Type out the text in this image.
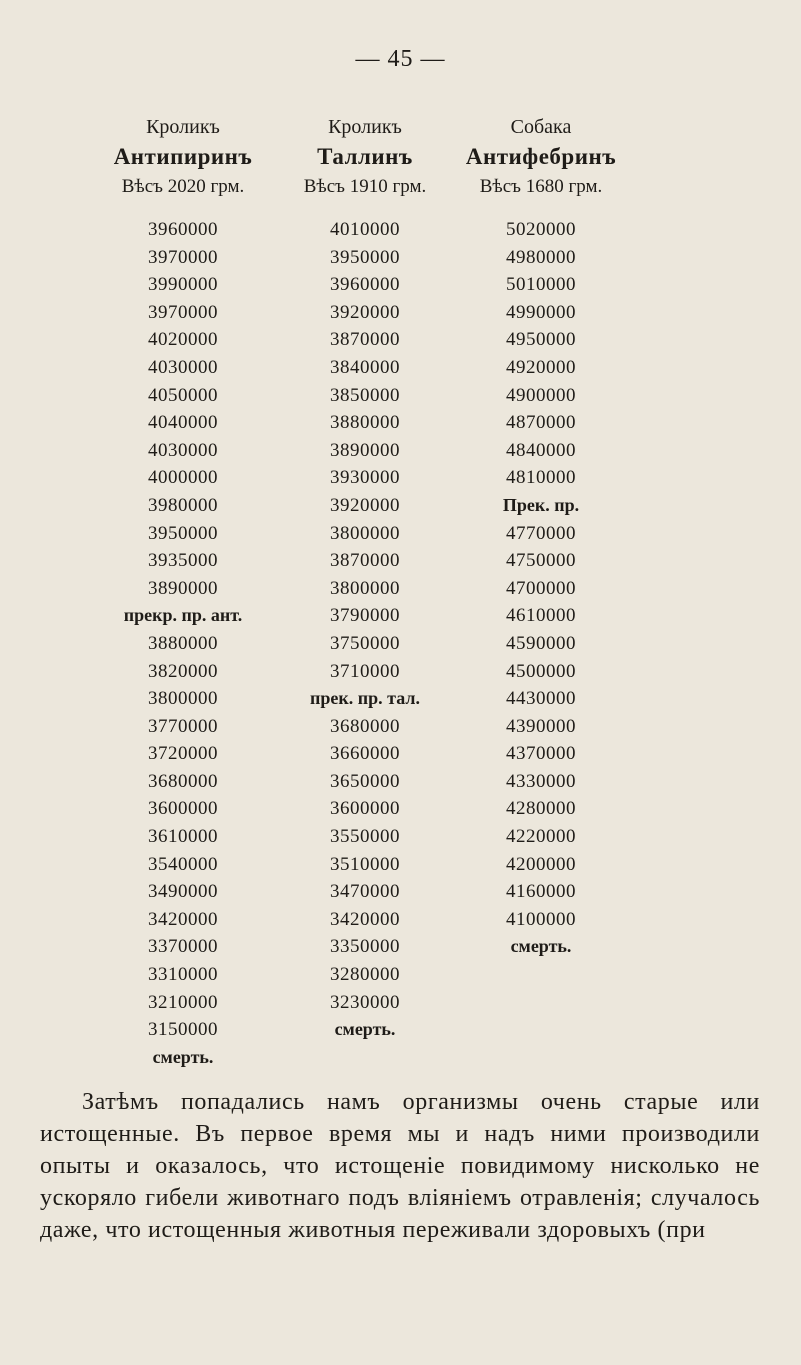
— 45 —
Кроликъ
Антипиринъ
Вѣсъ 2020 грм.
3960000
3970000
3990000
3970000
4020000
4030000
4050000
4040000
4030000
4000000
3980000
3950000
3935000
3890000
прекр. пр. aнт.
3880000
3820000
3800000
3770000
3720000
3680000
3600000
3610000
3540000
3490000
3420000
3370000
3310000
3210000
3150000
смерть.
Кроликъ
Таллинъ
Вѣсъ 1910 грм.
4010000
3950000
3960000
3920000
3870000
3840000
3850000
3880000
3890000
3930000
3920000
3800000
3870000
3800000
3790000
3750000
3710000
прек. пр. тал.
3680000
3660000
3650000
3600000
3550000
3510000
3470000
3420000
3350000
3280000
3230000
смерть.
Собака
Антифебринъ
Вѣсъ 1680 грм.
5020000
4980000
5010000
4990000
4950000
4920000
4900000
4870000
4840000
4810000
Прек. пр.
4770000
4750000
4700000
4610000
4590000
4500000
4430000
4390000
4370000
4330000
4280000
4220000
4200000
4160000
4100000
смерть.

Затѣмъ попадались намъ организмы очень старые или истощенные. Въ первое время мы и надъ ними производили опыты и оказалось, что истощеніе повидимому нисколько не ускоряло гибели животнаго подъ вліяніемъ отравленія; случалось даже, что истощенныя животныя переживали здоровыхъ (при
